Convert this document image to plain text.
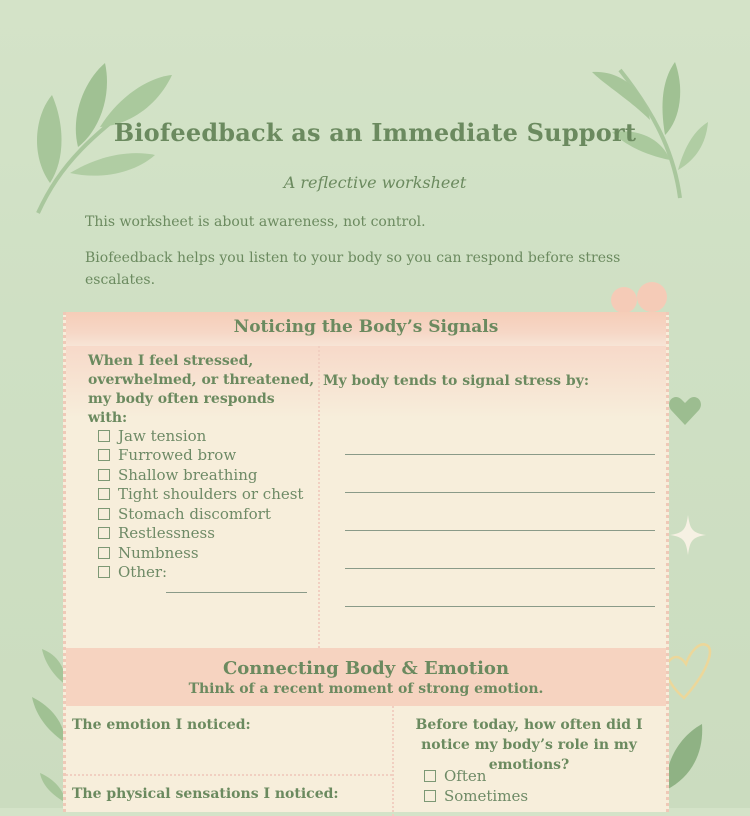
Biofeedback as an Immediate Support
A reflective worksheet
This worksheet is about awareness, not control.
Biofeedback helps you listen to your body so you can respond before stress escalates.
Noticing the Body’s Signals
When I feel stressed, overwhelmed, or threatened, my body often responds with:
My body tends to signal stress by:
Jaw tension
Furrowed brow
Shallow breathing
Tight shoulders or chest
Stomach discomfort
Restlessness
Numbness
Other:
Connecting Body & Emotion
Think of a recent moment of strong emotion.
The emotion I noticed:	Before today, how often did I notice my body’s role in my emotions?
The physical sensations I noticed:
Often
Sometimes
